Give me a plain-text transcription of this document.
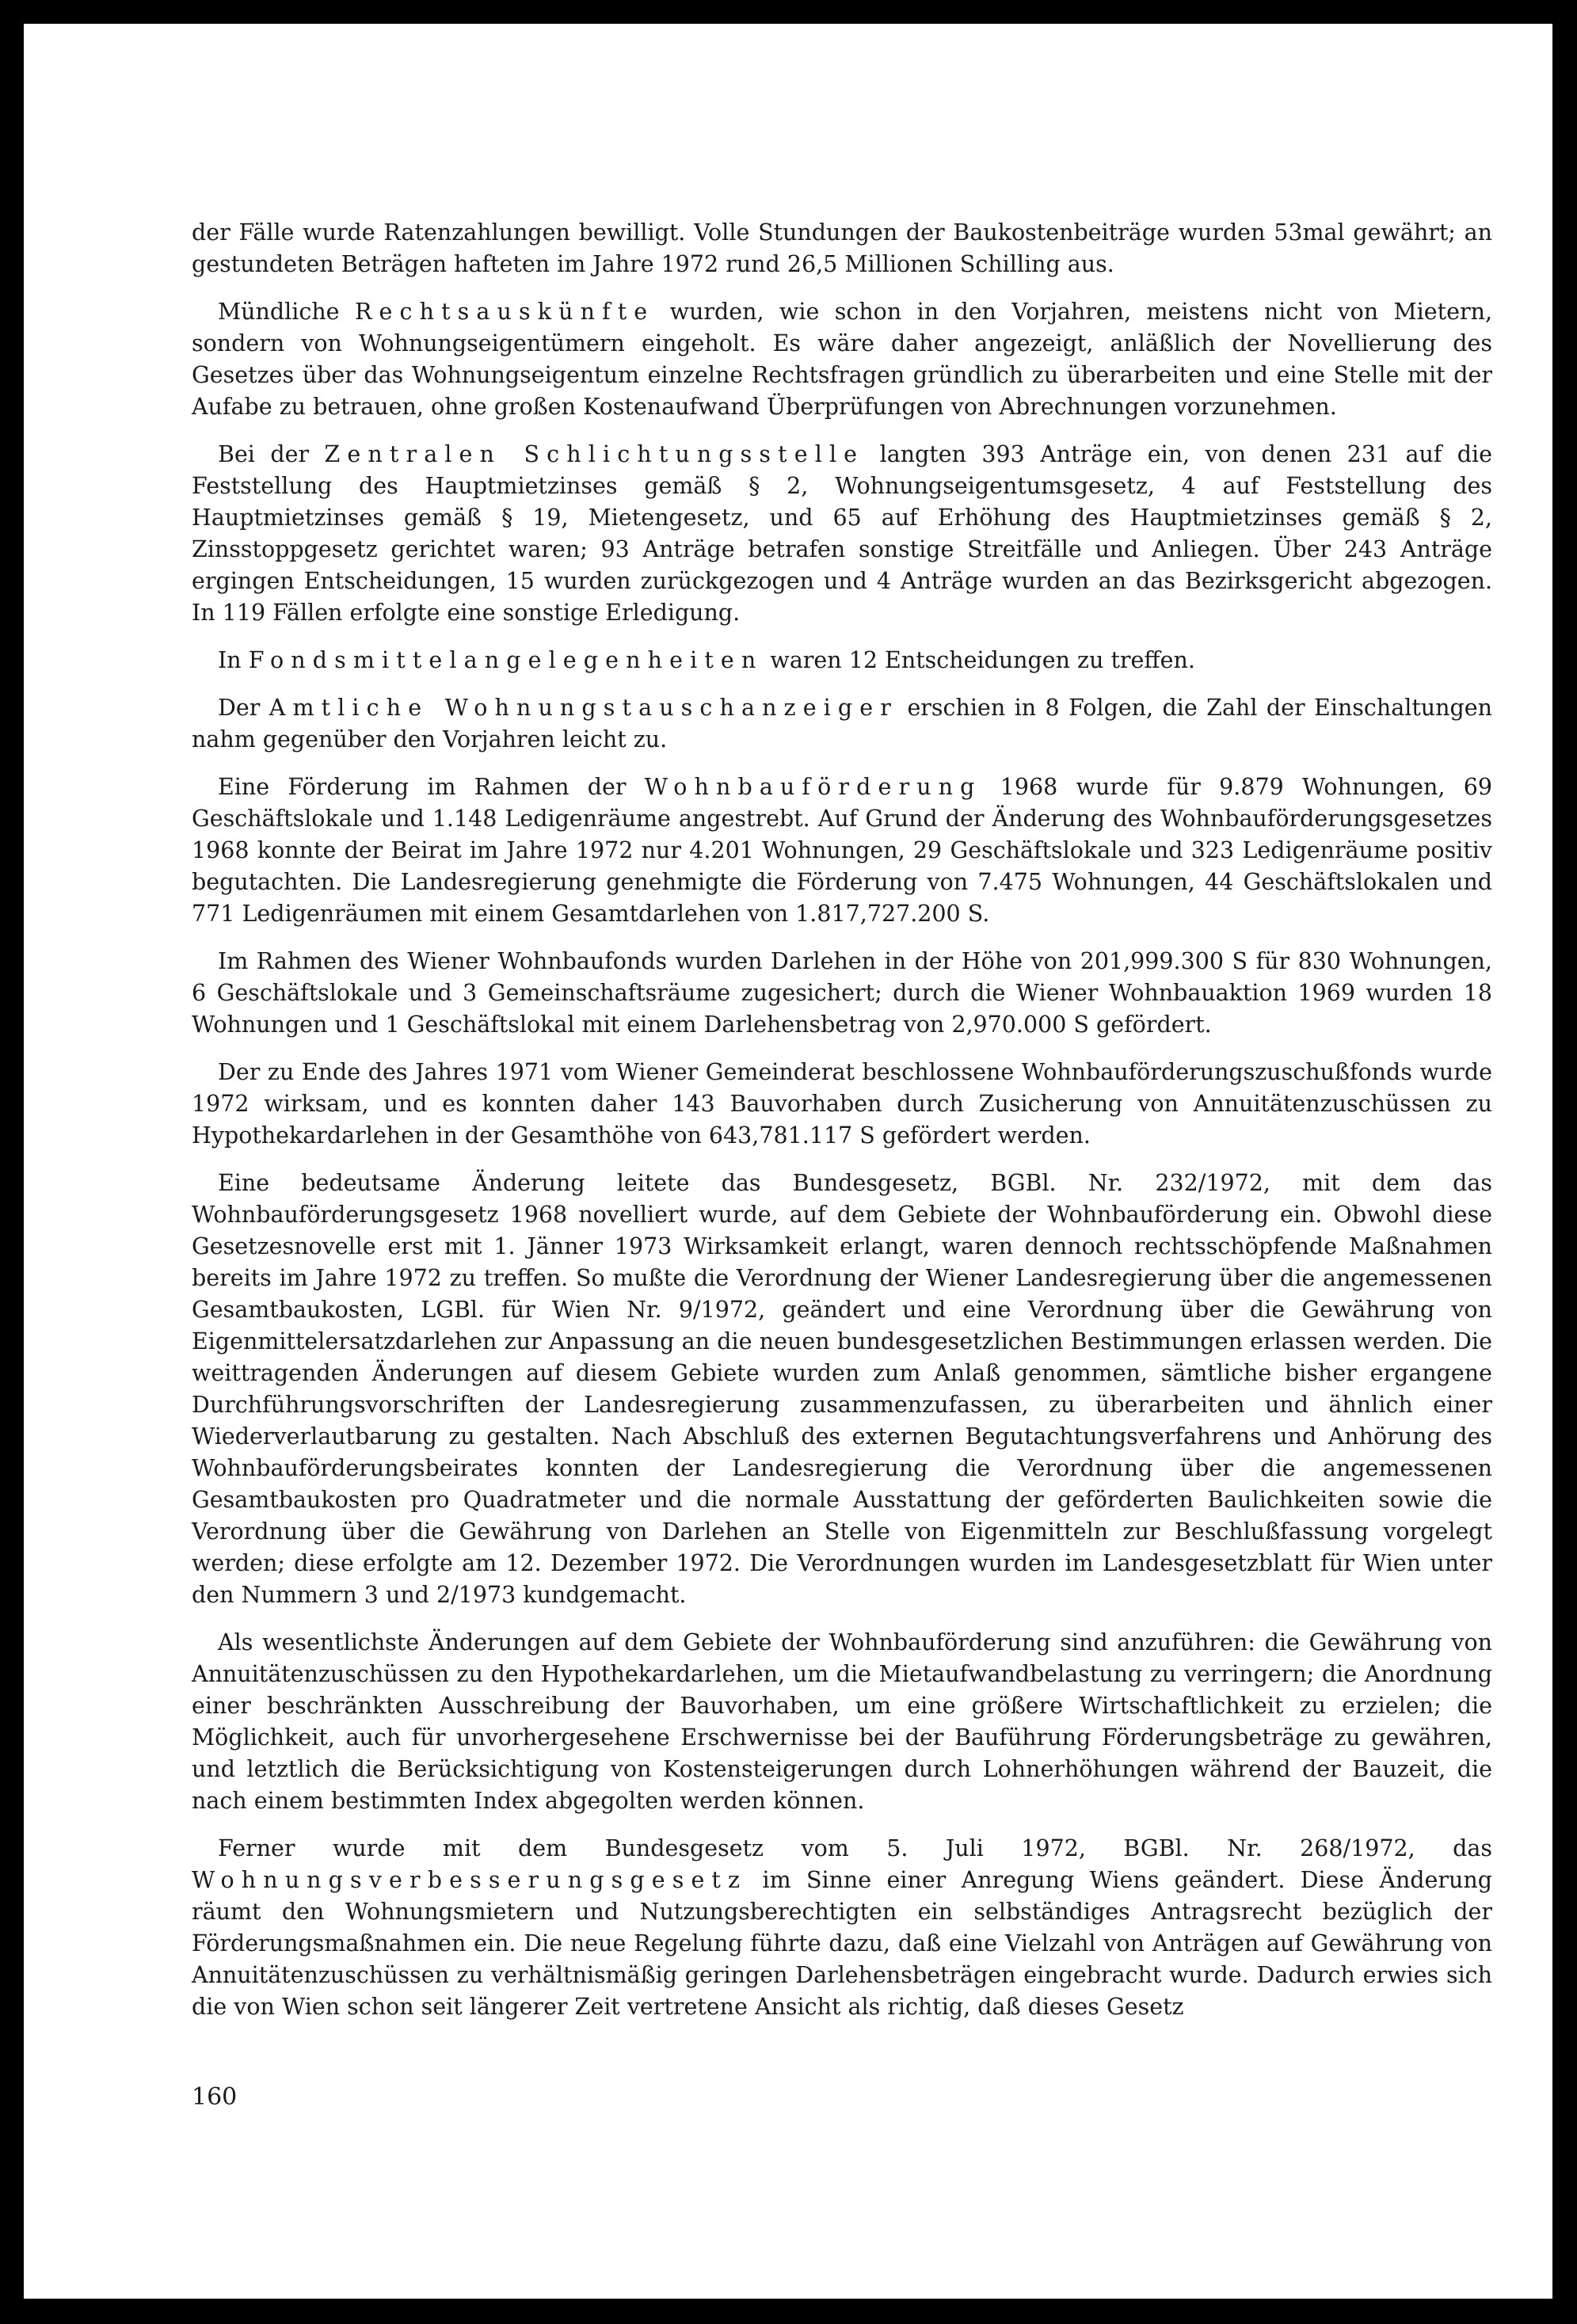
der Fälle wurde Ratenzahlungen bewilligt. Volle Stundungen der Baukostenbeiträge wurden 53mal gewährt; an gestundeten Beträgen hafteten im Jahre 1972 rund 26,5 Millionen Schilling aus.

Mündliche Rechtsauskünfte wurden, wie schon in den Vorjahren, meistens nicht von Mietern, sondern von Wohnungseigentümern eingeholt. Es wäre daher angezeigt, anläßlich der Novellierung des Gesetzes über das Wohnungseigentum einzelne Rechtsfragen gründlich zu überarbeiten und eine Stelle mit der Aufabe zu betrauen, ohne großen Kostenaufwand Überprüfungen von Abrechnungen vorzunehmen.

Bei der Zentralen Schlichtungsstelle langten 393 Anträge ein, von denen 231 auf die Feststellung des Hauptmietzinses gemäß § 2, Wohnungseigentumsgesetz, 4 auf Feststellung des Hauptmietzinses gemäß § 19, Mietengesetz, und 65 auf Erhöhung des Hauptmietzinses gemäß § 2, Zinsstoppgesetz gerichtet waren; 93 Anträge betrafen sonstige Streitfälle und Anliegen. Über 243 Anträge ergingen Entscheidungen, 15 wurden zurückgezogen und 4 Anträge wurden an das Bezirksgericht abgezogen. In 119 Fällen erfolgte eine sonstige Erledigung.

In Fondsmittelangelegenheiten waren 12 Entscheidungen zu treffen.

Der Amtliche Wohnungstauschanzeiger erschien in 8 Folgen, die Zahl der Einschaltungen nahm gegenüber den Vorjahren leicht zu.

Eine Förderung im Rahmen der Wohnbauförderung 1968 wurde für 9.879 Wohnungen, 69 Geschäftslokale und 1.148 Ledigenräume angestrebt. Auf Grund der Änderung des Wohnbauförderungsgesetzes 1968 konnte der Beirat im Jahre 1972 nur 4.201 Wohnungen, 29 Geschäftslokale und 323 Ledigenräume positiv begutachten. Die Landesregierung genehmigte die Förderung von 7.475 Wohnungen, 44 Geschäftslokalen und 771 Ledigenräumen mit einem Gesamtdarlehen von 1.817,727.200 S.

Im Rahmen des Wiener Wohnbaufonds wurden Darlehen in der Höhe von 201,999.300 S für 830 Wohnungen, 6 Geschäftslokale und 3 Gemeinschaftsräume zugesichert; durch die Wiener Wohnbauaktion 1969 wurden 18 Wohnungen und 1 Geschäftslokal mit einem Darlehensbetrag von 2,970.000 S gefördert.

Der zu Ende des Jahres 1971 vom Wiener Gemeinderat beschlossene Wohnbauförderungszuschußfonds wurde 1972 wirksam, und es konnten daher 143 Bauvorhaben durch Zusicherung von Annuitätenzuschüssen zu Hypothekardarlehen in der Gesamthöhe von 643,781.117 S gefördert werden.

Eine bedeutsame Änderung leitete das Bundesgesetz, BGBl. Nr. 232/1972, mit dem das Wohnbauförderungsgesetz 1968 novelliert wurde, auf dem Gebiete der Wohnbauförderung ein. Obwohl diese Gesetzesnovelle erst mit 1. Jänner 1973 Wirksamkeit erlangt, waren dennoch rechtsschöpfende Maßnahmen bereits im Jahre 1972 zu treffen. So mußte die Verordnung der Wiener Landesregierung über die angemessenen Gesamtbaukosten, LGBl. für Wien Nr. 9/1972, geändert und eine Verordnung über die Gewährung von Eigenmittelersatzdarlehen zur Anpassung an die neuen bundesgesetzlichen Bestimmungen erlassen werden. Die weittragenden Änderungen auf diesem Gebiete wurden zum Anlaß genommen, sämtliche bisher ergangene Durchführungsvorschriften der Landesregierung zusammenzufassen, zu überarbeiten und ähnlich einer Wiederverlautbarung zu gestalten. Nach Abschluß des externen Begutachtungsverfahrens und Anhörung des Wohnbauförderungsbeirates konnten der Landesregierung die Verordnung über die angemessenen Gesamtbaukosten pro Quadratmeter und die normale Ausstattung der geförderten Baulichkeiten sowie die Verordnung über die Gewährung von Darlehen an Stelle von Eigenmitteln zur Beschlußfassung vorgelegt werden; diese erfolgte am 12. Dezember 1972. Die Verordnungen wurden im Landesgesetzblatt für Wien unter den Nummern 3 und 2/1973 kundgemacht.

Als wesentlichste Änderungen auf dem Gebiete der Wohnbauförderung sind anzuführen: die Gewährung von Annuitätenzuschüssen zu den Hypothekardarlehen, um die Mietaufwandbelastung zu verringern; die Anordnung einer beschränkten Ausschreibung der Bauvorhaben, um eine größere Wirtschaftlichkeit zu erzielen; die Möglichkeit, auch für unvorhergesehene Erschwernisse bei der Bauführung Förderungsbeträge zu gewähren, und letztlich die Berücksichtigung von Kostensteigerungen durch Lohnerhöhungen während der Bauzeit, die nach einem bestimmten Index abgegolten werden können.

Ferner wurde mit dem Bundesgesetz vom 5. Juli 1972, BGBl. Nr. 268/1972, das Wohnungsverbesserungsgesetz im Sinne einer Anregung Wiens geändert. Diese Änderung räumt den Wohnungsmietern und Nutzungsberechtigten ein selbständiges Antragsrecht bezüglich der Förderungsmaßnahmen ein. Die neue Regelung führte dazu, daß eine Vielzahl von Anträgen auf Gewährung von Annuitätenzuschüssen zu verhältnismäßig geringen Darlehensbeträgen eingebracht wurde. Dadurch erwies sich die von Wien schon seit längerer Zeit vertretene Ansicht als richtig, daß dieses Gesetz

160
